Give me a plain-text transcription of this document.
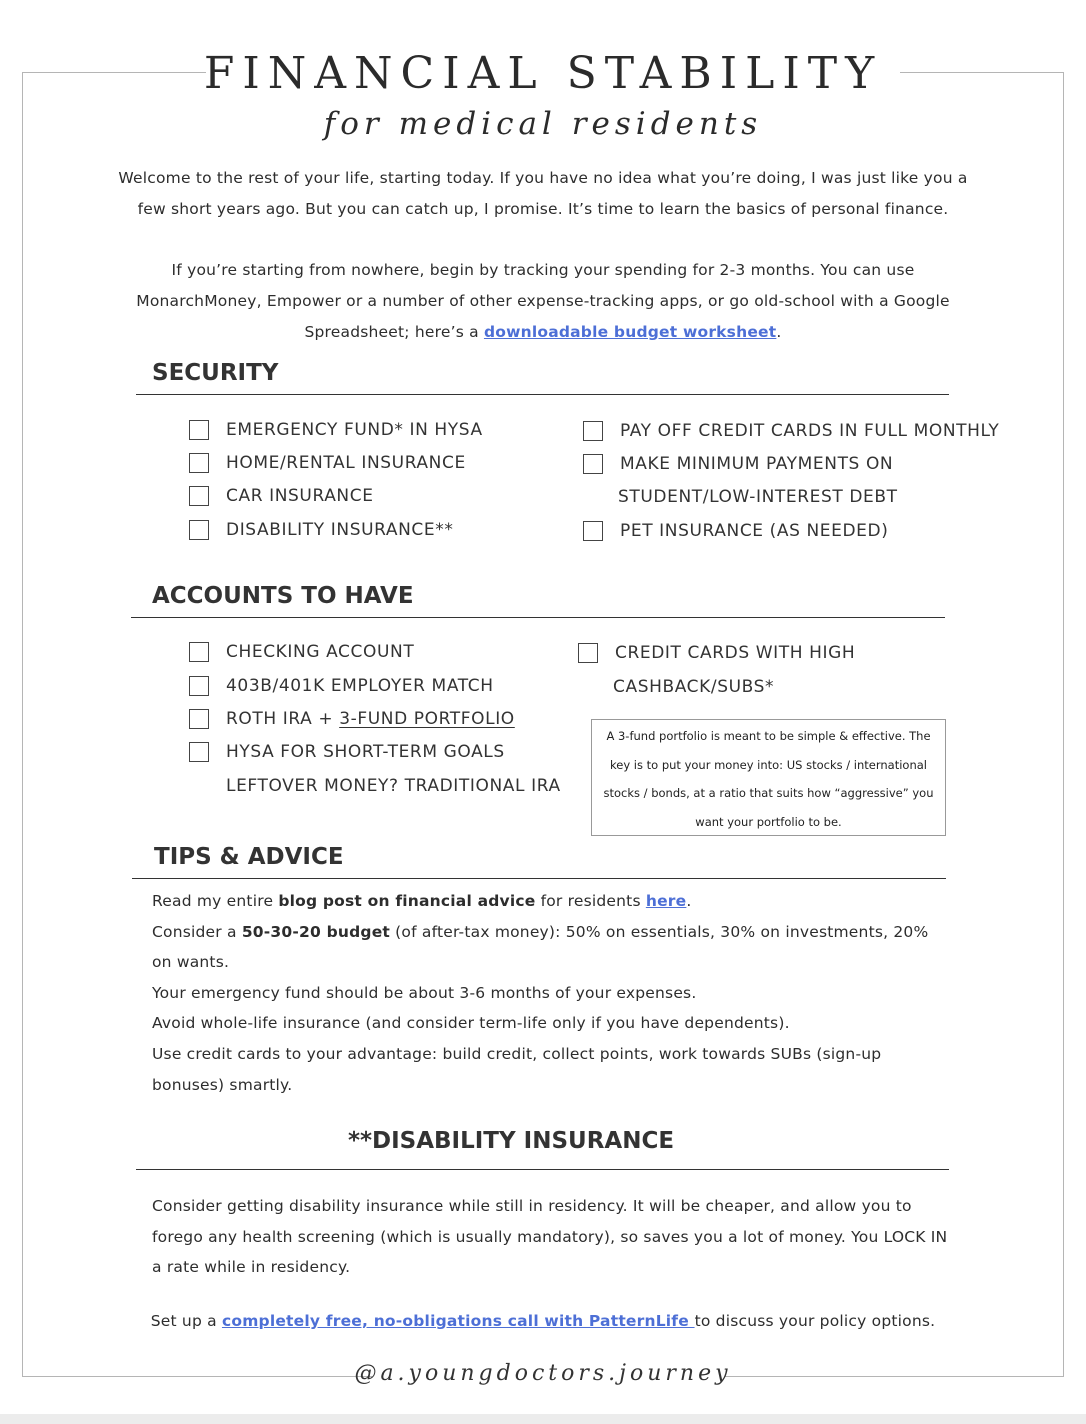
FINANCIAL STABILITY
for medical residents
Welcome to the rest of your life, starting today. If you have no idea what you’re doing, I was just like you a
few short years ago. But you can catch up, I promise. It’s time to learn the basics of personal finance.
If you’re starting from nowhere, begin by tracking your spending for 2-3 months. You can use
MonarchMoney, Empower or a number of other expense-tracking apps, or go old-school with a Google
Spreadsheet; here’s a downloadable budget worksheet.
SECURITY
EMERGENCY FUND* IN HYSA
HOME/RENTAL INSURANCE
CAR INSURANCE
DISABILITY INSURANCE**
PAY OFF CREDIT CARDS IN FULL MONTHLY
MAKE MINIMUM PAYMENTS ON
STUDENT/LOW-INTEREST DEBT
PET INSURANCE (AS NEEDED)
ACCOUNTS TO HAVE
CHECKING ACCOUNT
403B/401K EMPLOYER MATCH
ROTH IRA + 3-FUND PORTFOLIO
HYSA FOR SHORT-TERM GOALS
LEFTOVER MONEY? TRADITIONAL IRA
CREDIT CARDS WITH HIGH
CASHBACK/SUBS*
A 3-fund portfolio is meant to be simple & effective. The key is to put your money into: US stocks / international stocks / bonds, at a ratio that suits how “aggressive” you want your portfolio to be.
TIPS & ADVICE

Read my entire blog post on financial advice for residents here.

Consider a 50-30-20 budget (of after-tax money): 50% on essentials, 30% on investments, 20% on wants.

Your emergency fund should be about 3-6 months of your expenses.

Avoid whole-life insurance (and consider term-life only if you have dependents).

Use credit cards to your advantage: build credit, collect points, work towards SUBs (sign-up bonuses) smartly.

**DISABILITY INSURANCE
Consider getting disability insurance while still in residency. It will be cheaper, and allow you to forego any health screening (which is usually mandatory), so saves you a lot of money. You LOCK IN a rate while in residency.
Set up a completely free, no-obligations call with PatternLife to discuss your policy options.
@a.youngdoctors.journey
